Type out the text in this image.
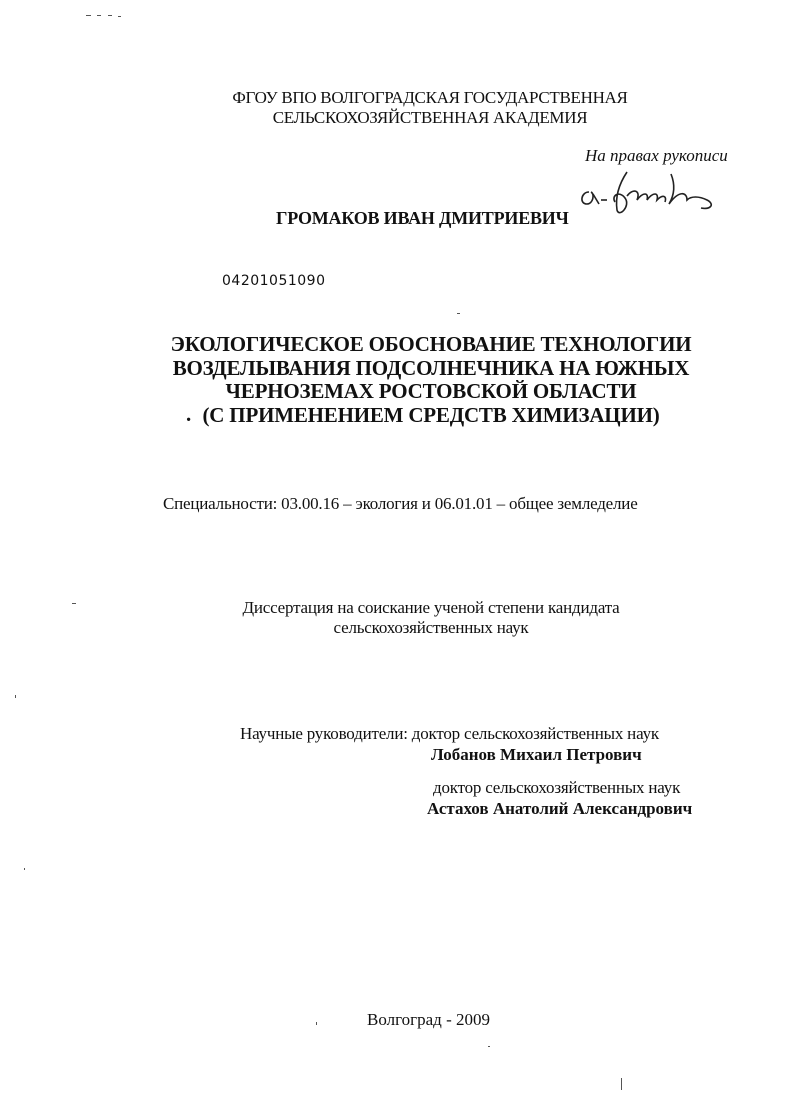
ФГОУ ВПО ВОЛГОГРАДСКАЯ ГОСУДАРСТВЕННАЯ
СЕЛЬСКОХОЗЯЙСТВЕННАЯ АКАДЕМИЯ
На правах рукописи
ГРОМАКОВ ИВАН ДМИТРИЕВИЧ
04201051090
ЭКОЛОГИЧЕСКОЕ ОБОСНОВАНИЕ ТЕХНОЛОГИИ
ВОЗДЕЛЫВАНИЯ ПОДСОЛНЕЧНИКА НА ЮЖНЫХ
ЧЕРНОЗЕМАХ РОСТОВСКОЙ ОБЛАСТИ
(С ПРИМЕНЕНИЕМ СРЕДСТВ ХИМИЗАЦИИ)
.
Специальности: 03.00.16 – экология и 06.01.01 – общее земледелие
Диссертация на соискание ученой степени кандидата
сельскохозяйственных наук
Научные руководители: доктор сельскохозяйственных наук
Лобанов Михаил Петрович
доктор сельскохозяйственных наук
Астахов Анатолий Александрович
Волгоград - 2009
